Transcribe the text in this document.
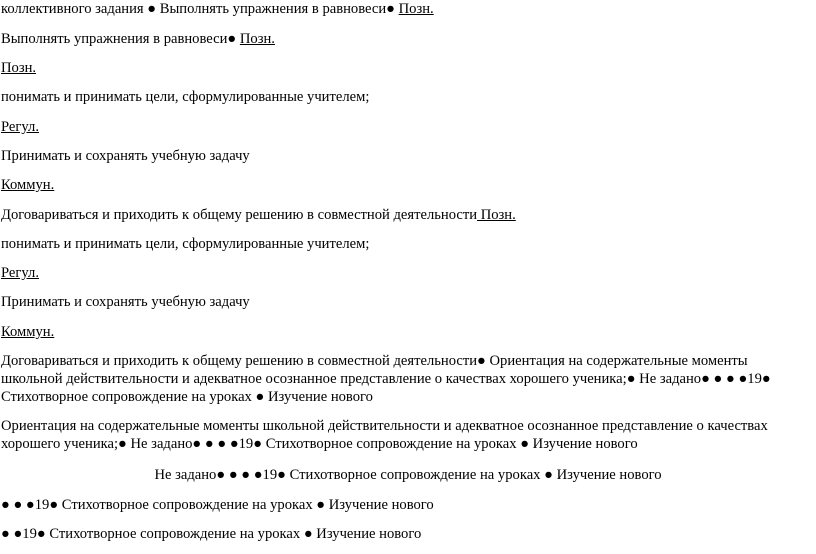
коллективного задания ● Выполнять упражнения в равновеси● Позн.
Выполнять упражнения в равновеси● Позн.
Позн.
понимать и принимать цели, сформулированные учителем;
Регул.
Принимать и сохранять учебную задачу
Коммун.
Договариваться и приходить к общему решению в совместной деятельности Позн.
понимать и принимать цели, сформулированные учителем;
Регул.
Принимать и сохранять учебную задачу
Коммун.
Договариваться и приходить к общему решению в совместной деятельности● Ориентация на содержательные моменты школьной действительности и адекватное осознанное представление о качествах хорошего ученика;● Не задано● ● ● ●19● Стихотворное сопровождение на уроках ● Изучение нового
Ориентация на содержательные моменты школьной действительности и адекватное осознанное представление о качествах хорошего ученика;● Не задано● ● ● ●19● Стихотворное сопровождение на уроках ● Изучение нового
Не задано● ● ● ●19● Стихотворное сопровождение на уроках ● Изучение нового
● ● ●19● Стихотворное сопровождение на уроках ● Изучение нового
● ●19● Стихотворное сопровождение на уроках ● Изучение нового
